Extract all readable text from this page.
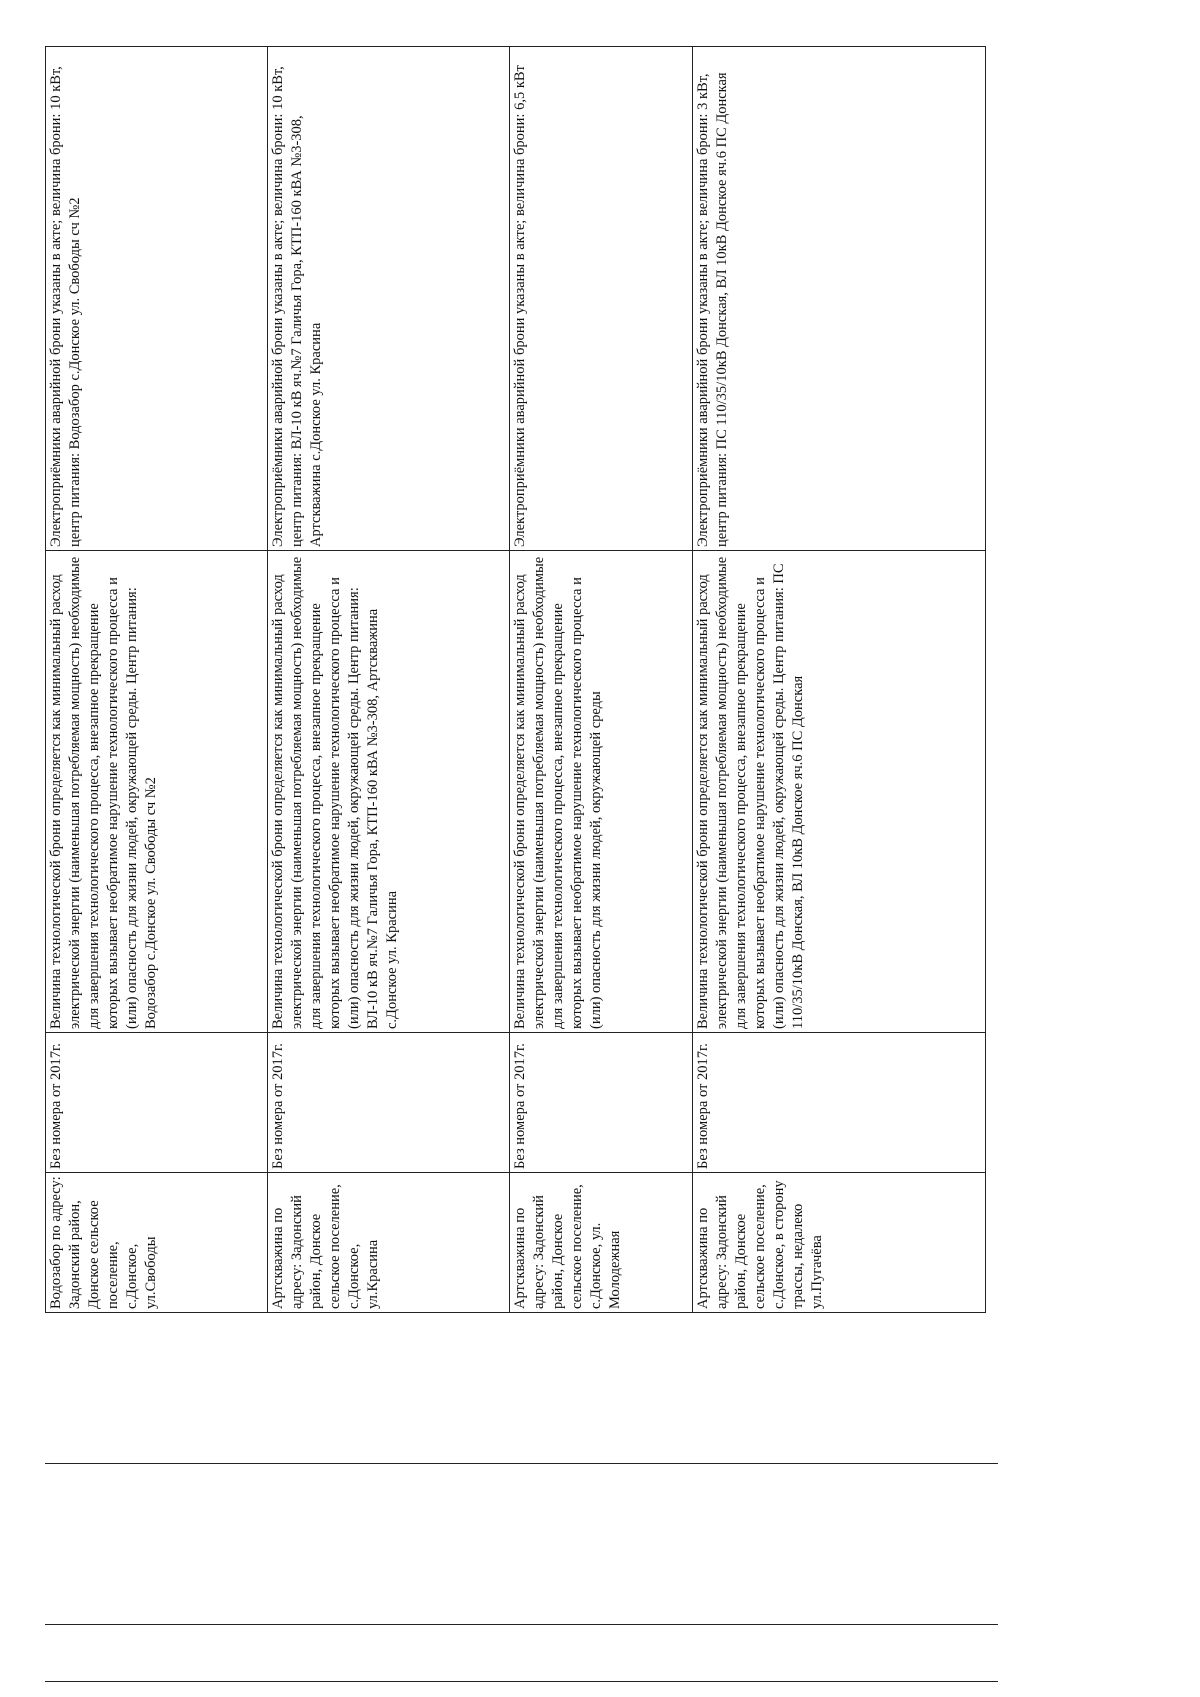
Водозабор по адресу: Задонский район, Донское сельское поселение, с.Донское, ул.Свободы	Без номера от 2017г.	Величина технологической брони определяется как минимальный расход электрической энергии (наименьшая потребляемая мощность) необходимые для завершения технологического процесса, внезапное прекращение которых вызывает необратимое нарушение технологического процесса и (или) опасность для жизни людей, окружающей среды. Центр питания: Водозабор с.Донское ул. Свободы сч №2	Электроприёмники аварийной брони указаны в акте; величина брони: 10 кВт, центр питания: Водозабор с.Донское ул. Свободы сч №2
Артскважина по адресу: Задонский район, Донское сельское поселение, с.Донское, ул.Красина	Без номера от 2017г.	Величина технологической брони определяется как минимальный расход электрической энергии (наименьшая потребляемая мощность) необходимые для завершения технологического процесса, внезапное прекращение которых вызывает необратимое нарушение технологического процесса и (или) опасность для жизни людей, окружающей среды. Центр питания: ВЛ-10 кВ яч.№7 Галичья Гора, КТП-160 кВА №3-308, Артскважина с.Донское ул. Красина	Электроприёмники аварийной брони указаны в акте; величина брони: 10 кВт, центр питания: ВЛ-10 кВ яч.№7 Галичья Гора, КТП-160 кВА №3-308, Артскважина с.Донское ул. Красина
Артскважина по адресу: Задонский район, Донское сельское поселение, с.Донское, ул. Молодежная	Без номера от 2017г.	Величина технологической брони определяется как минимальный расход электрической энергии (наименьшая потребляемая мощность) необходимые для завершения технологического процесса, внезапное прекращение которых вызывает необратимое нарушение технологического процесса и (или) опасность для жизни людей, окружающей среды	Электроприёмники аварийной брони указаны в акте; величина брони: 6,5 кВт
Артскважина по адресу: Задонский район, Донское сельское поселение, с.Донское, в сторону трассы, недалеко ул.Пугачёва	Без номера от 2017г.	Величина технологической брони определяется как минимальный расход электрической энергии (наименьшая потребляемая мощность) необходимые для завершения технологического процесса, внезапное прекращение которых вызывает необратимое нарушение технологического процесса и (или) опасность для жизни людей, окружающей среды. Центр питания: ПС 110/35/10кВ Донская, ВЛ 10кВ Донское яч.6 ПС Донская	Электроприёмники аварийной брони указаны в акте; величина брони: 3 кВт, центр питания: ПС 110/35/10кВ Донская, ВЛ 10кВ Донское яч.6 ПС Донская
